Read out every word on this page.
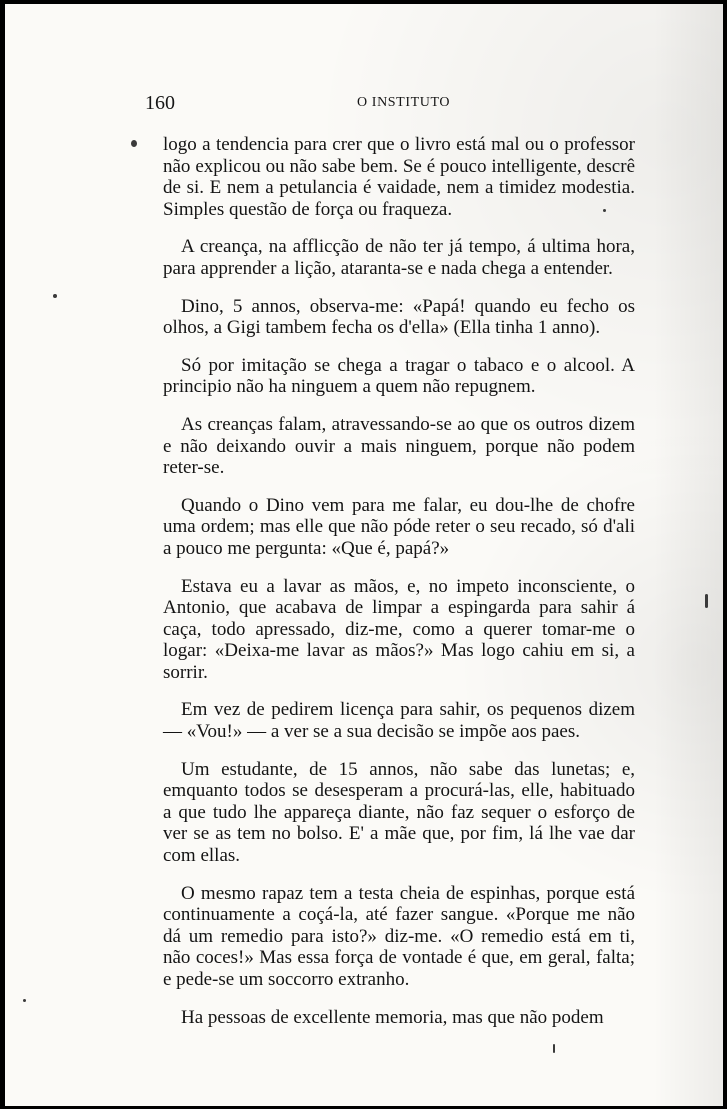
160	O INSTITUTO

logo a tendencia para crer que o livro está mal ou o professor não explicou ou não sabe bem. Se é pouco intelligente, descrê de si. E nem a petulancia é vaidade, nem a timidez modestia. Simples questão de força ou fraqueza.

A creança, na afflicção de não ter já tempo, á ultima hora, para apprender a lição, ataranta-se e nada chega a entender.

Dino, 5 annos, observa-me: «Papá! quando eu fecho os olhos, a Gigi tambem fecha os d'ella» (Ella tinha 1 anno).

Só por imitação se chega a tragar o tabaco e o alcool. A principio não ha ninguem a quem não repugnem.

As creanças falam, atravessando-se ao que os outros dizem e não deixando ouvir a mais ninguem, porque não podem reter-se.

Quando o Dino vem para me falar, eu dou-lhe de chofre uma ordem; mas elle que não póde reter o seu recado, só d'ali a pouco me pergunta: «Que é, papá?»

Estava eu a lavar as mãos, e, no impeto inconsciente, o Antonio, que acabava de limpar a espingarda para sahir á caça, todo apressado, diz-me, como a querer tomar-me o logar: «Deixa-me lavar as mãos?» Mas logo cahiu em si, a sorrir.

Em vez de pedirem licença para sahir, os pequenos dizem — «Vou!» — a ver se a sua decisão se impõe aos paes.

Um estudante, de 15 annos, não sabe das lunetas; e, emquanto todos se desesperam a procurá-las, elle, habituado a que tudo lhe appareça diante, não faz sequer o esforço de ver se as tem no bolso. E' a mãe que, por fim, lá lhe vae dar com ellas.

O mesmo rapaz tem a testa cheia de espinhas, porque está continuamente a coçá-la, até fazer sangue. «Porque me não dá um remedio para isto?» diz-me. «O remedio está em ti, não coces!» Mas essa força de vontade é que, em geral, falta; e pede-se um soccorro extranho.

Ha pessoas de excellente memoria, mas que não podem
